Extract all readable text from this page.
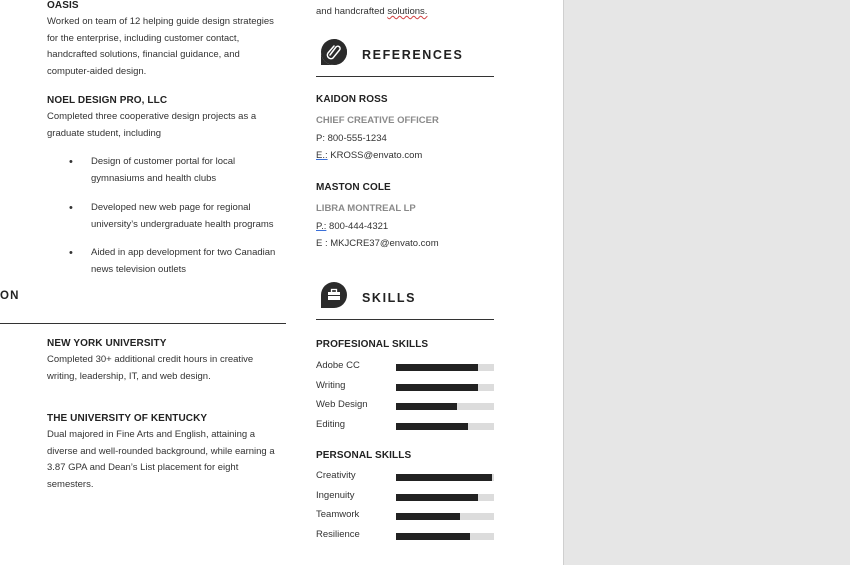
OASIS
Worked on team of 12 helping guide design strategies
for the enterprise, including customer contact,
handcrafted solutions, financial guidance, and
computer-aided design.
NOEL DESIGN PRO, LLC
Completed three cooperative design projects as a
graduate student, including
• Design of customer portal for local
gymnasiums and health clubs
• Developed new web page for regional
university’s undergraduate health programs
• Aided in app development for two Canadian
news television outlets
ON
NEW YORK UNIVERSITY
Completed 30+ additional credit hours in creative
writing, leadership, IT, and web design.
THE UNIVERSITY OF KENTUCKY
Dual majored in Fine Arts and English, attaining a
diverse and well-rounded background, while earning a
3.87 GPA and Dean’s List placement for eight
semesters.
and handcrafted solutions.
REFERENCES
KAIDON ROSS
CHIEF CREATIVE OFFICER
P: 800-555-1234
E.: KROSS@envato.com
MASTON COLE
LIBRA MONTREAL LP
P.: 800-444-4321
E : MKJCRE37@envato.com
SKILLS
PROFESIONAL SKILLS
Adobe CC
Writing
Web Design
Editing
PERSONAL SKILLS
Creativity
Ingenuity
Teamwork
Resilience
